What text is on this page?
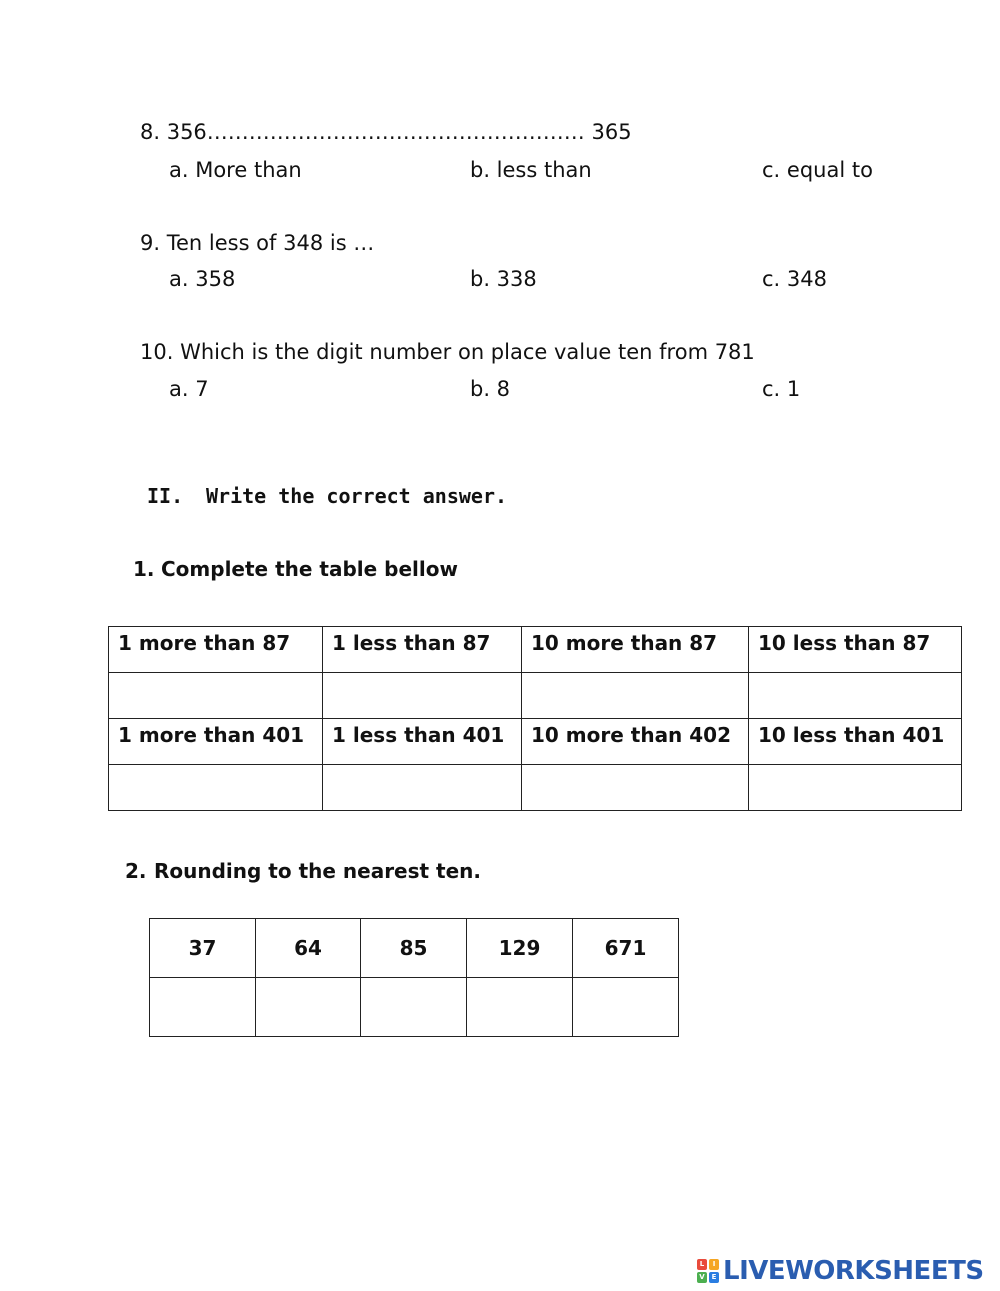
8. 356……………………………………………… 365
a. More than	b. less than	c. equal to
9. Ten less of 348 is …
a. 358	b. 338	c. 348
10. Which is the digit number on place value ten from 781
a. 7	b. 8	c. 1
II. Write the correct answer.
1. Complete the table bellow
1 more than 87	1 less than 87	10 more than 87	10 less than 87

1 more than 401	1 less than 401	10 more than 402	10 less than 401

2. Rounding to the nearest ten.
37	64	85	129	671

L	I
V E LIVEWORKSHEETS
